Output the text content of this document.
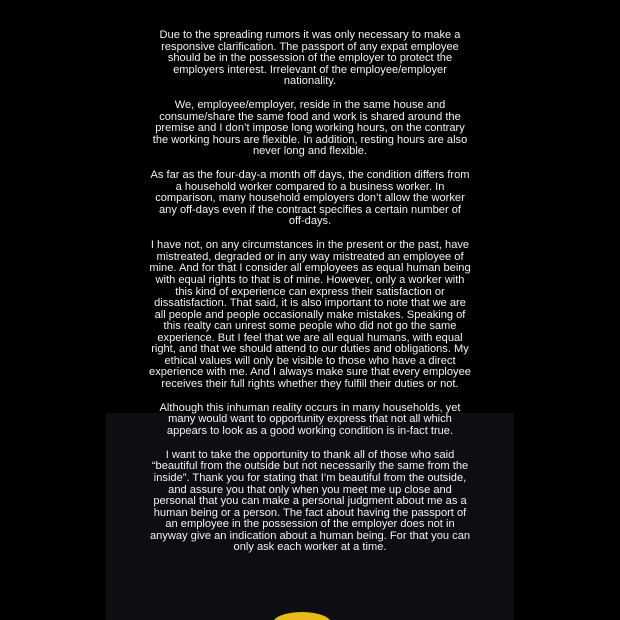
Due to the spreading rumors it was only necessary to make a
responsive clarification. The passport of any expat employee
should be in the possession of the employer to protect the
employers interest. Irrelevant of the employee/employer
nationality.

We, employee/employer, reside in the same house and
consume/share the same food and work is shared around the
premise and I don’t impose long working hours, on the contrary
the working hours are flexible. In addition, resting hours are also
never long and flexible.

As far as the four-day-a month off days, the condition differs from
a household worker compared to a business worker. In
comparison, many household employers don’t allow the worker
any off-days even if the contract specifies a certain number of
off-days.

I have not, on any circumstances in the present or the past, have
mistreated, degraded or in any way mistreated an employee of
mine. And for that I consider all employees as equal human being
with equal rights to that is of mine. However, only a worker with
this kind of experience can express their satisfaction or
dissatisfaction. That said, it is also important to note that we are
all people and people occasionally make mistakes. Speaking of
this realty can unrest some people who did not go the same
experience. But I feel that we are all equal humans, with equal
right, and that we should attend to our duties and obligations. My
ethical values will only be visible to those who have a direct
experience with me. And I always make sure that every employee
receives their full rights whether they fulfill their duties or not.

Although this inhuman reality occurs in many households, yet
many would want to opportunity express that not all which
appears to look as a good working condition is in-fact true.

I want to take the opportunity to thank all of those who said
“beautiful from the outside but not necessarily the same from the
inside”. Thank you for stating that I’m beautiful from the outside,
and assure you that only when you meet me up close and
personal that you can make a personal judgment about me as a
human being or a person. The fact about having the passport of
an employee in the possession of the employer does not in
anyway give an indication about a human being. For that you can
only ask each worker at a time.
